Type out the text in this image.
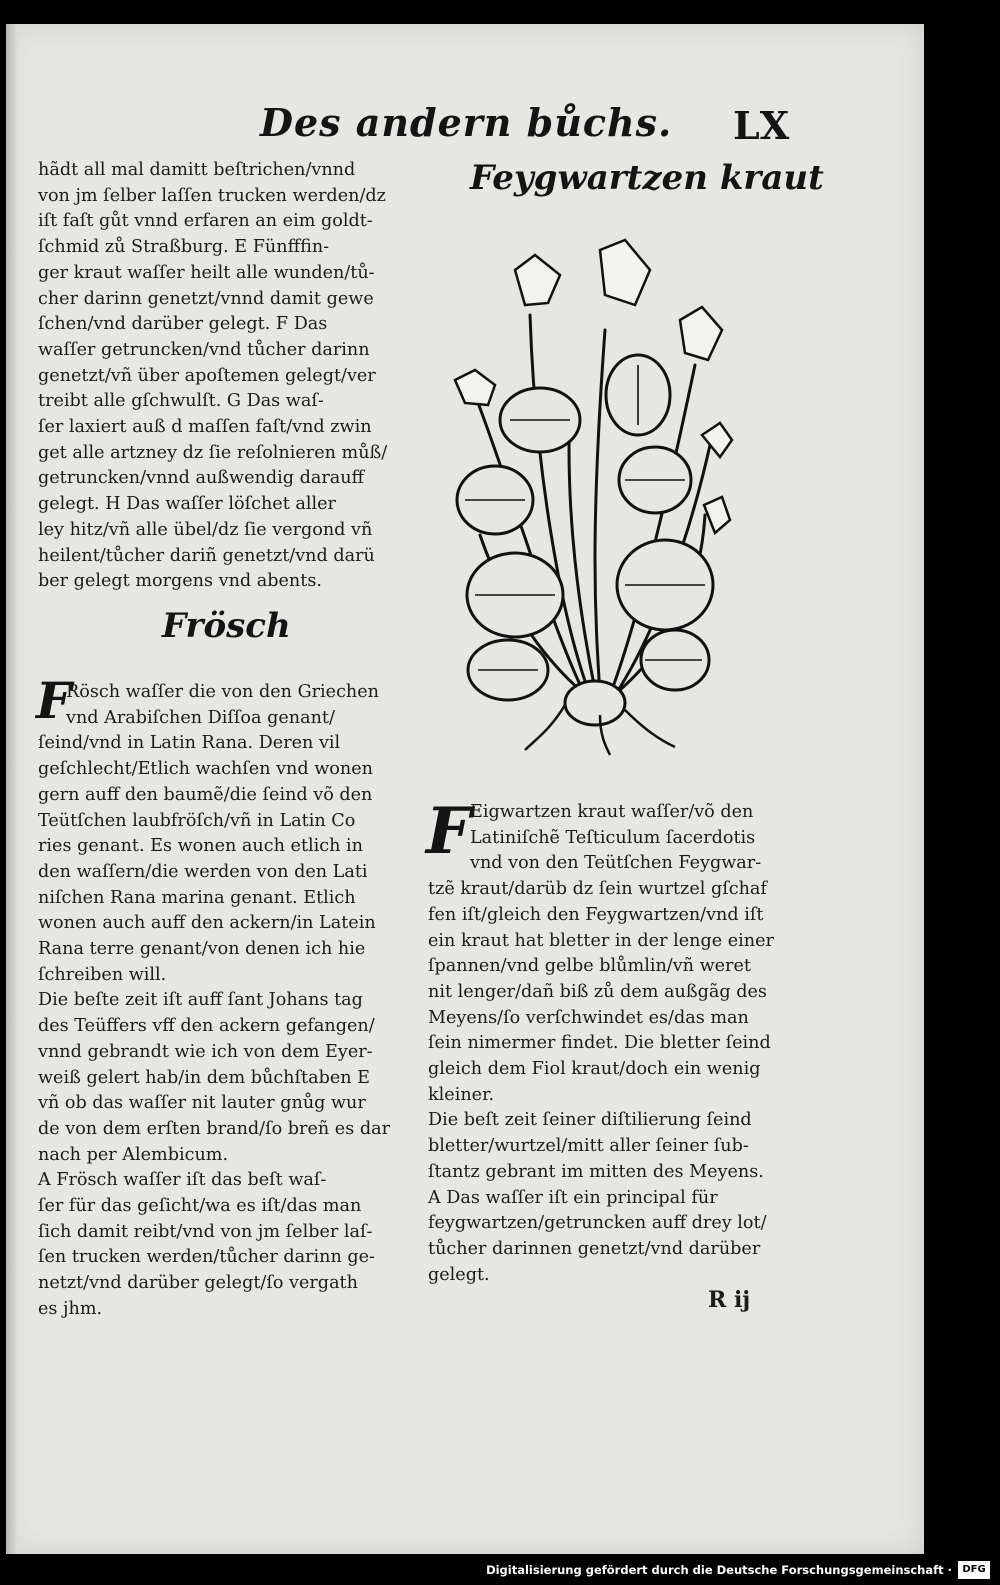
Des andern bůchs. LX
hãdt all mal damitt beſtrichen/vnnd
von jm ſelber laſſen trucken werden/dz
iſt faſt gůt vnnd erfaren an eim goldt‑
ſchmid zů Straßburg. E Fünfffin‑
ger kraut waſſer heilt alle wunden/tů‑
cher darinn genetzt/vnnd damit gewe
ſchen/vnd darüber gelegt. F Das
waſſer getruncken/vnd tůcher darinn
genetzt/vñ über apoſtemen gelegt/ver
treibt alle gſchwulſt. G Das waſ‑
ſer laxiert auß d maſſen faſt/vnd zwin
get alle artzney dz ſie reſolnieren můß/
getruncken/vnnd außwendig darauff
gelegt. H Das waſſer löſchet aller
ley hitz/vñ alle übel/dz ſie vergond vñ
heilent/tůcher dariñ genetzt/vnd darü
ber gelegt morgens vnd abents.
Frösch
F
Rösch waſſer die von den Griechen
vnd Arabiſchen Diſſoa genant/
ſeind/vnd in Latin Rana. Deren vil
geſchlecht/Etlich wachſen vnd wonen
gern auff den baumẽ/die ſeind võ den
Teütſchen laubfröſch/vñ in Latin Co
ries genant. Es wonen auch etlich in
den waſſern/die werden von den Lati
niſchen Rana marina genant. Etlich
wonen auch auff den ackern/in Latein
Rana terre genant/von denen ich hie
ſchreiben will.
Die beſte zeit iſt auff ſant Johans tag
des Teüffers vff den ackern gefangen/
vnnd gebrandt wie ich von dem Eyer‑
weiß gelert hab/in dem bůchſtaben E
vñ ob das waſſer nit lauter gnůg wur
de von dem erſten brand/ſo breñ es dar
nach per Alembicum.
A Frösch waſſer iſt das beſt waſ‑
ſer für das geſicht/wa es iſt/das man
ſich damit reibt/vnd von jm ſelber laſ‑
ſen trucken werden/tůcher darinn ge‑
netzt/vnd darüber gelegt/ſo vergath
es jhm.
Feygwartzen kraut
F
Eigwartzen kraut waſſer/võ den
Latiniſchẽ Teſticulum ſacerdotis
vnd von den Teütſchen Feygwar‑
tzẽ kraut/darüb dz ſein wurtzel gſchaf
fen iſt/gleich den Feygwartzen/vnd iſt
ein kraut hat bletter in der lenge einer
ſpannen/vnd gelbe blůmlin/vñ weret
nit lenger/dañ biß zů dem außgãg des
Meyens/ſo verſchwindet es/das man
ſein nimermer findet. Die bletter ſeind
gleich dem Fiol kraut/doch ein wenig
kleiner.
Die beſt zeit ſeiner diſtilierung ſeind
bletter/wurtzel/mitt aller ſeiner ſub‑
ſtantz gebrant im mitten des Meyens.
A Das waſſer iſt ein principal für
feygwartzen/getruncken auff drey lot/
tůcher darinnen genetzt/vnd darüber
gelegt.
R ij
Digitalisierung gefördert durch die Deutsche Forschungsgemeinschaft ·	DFG
